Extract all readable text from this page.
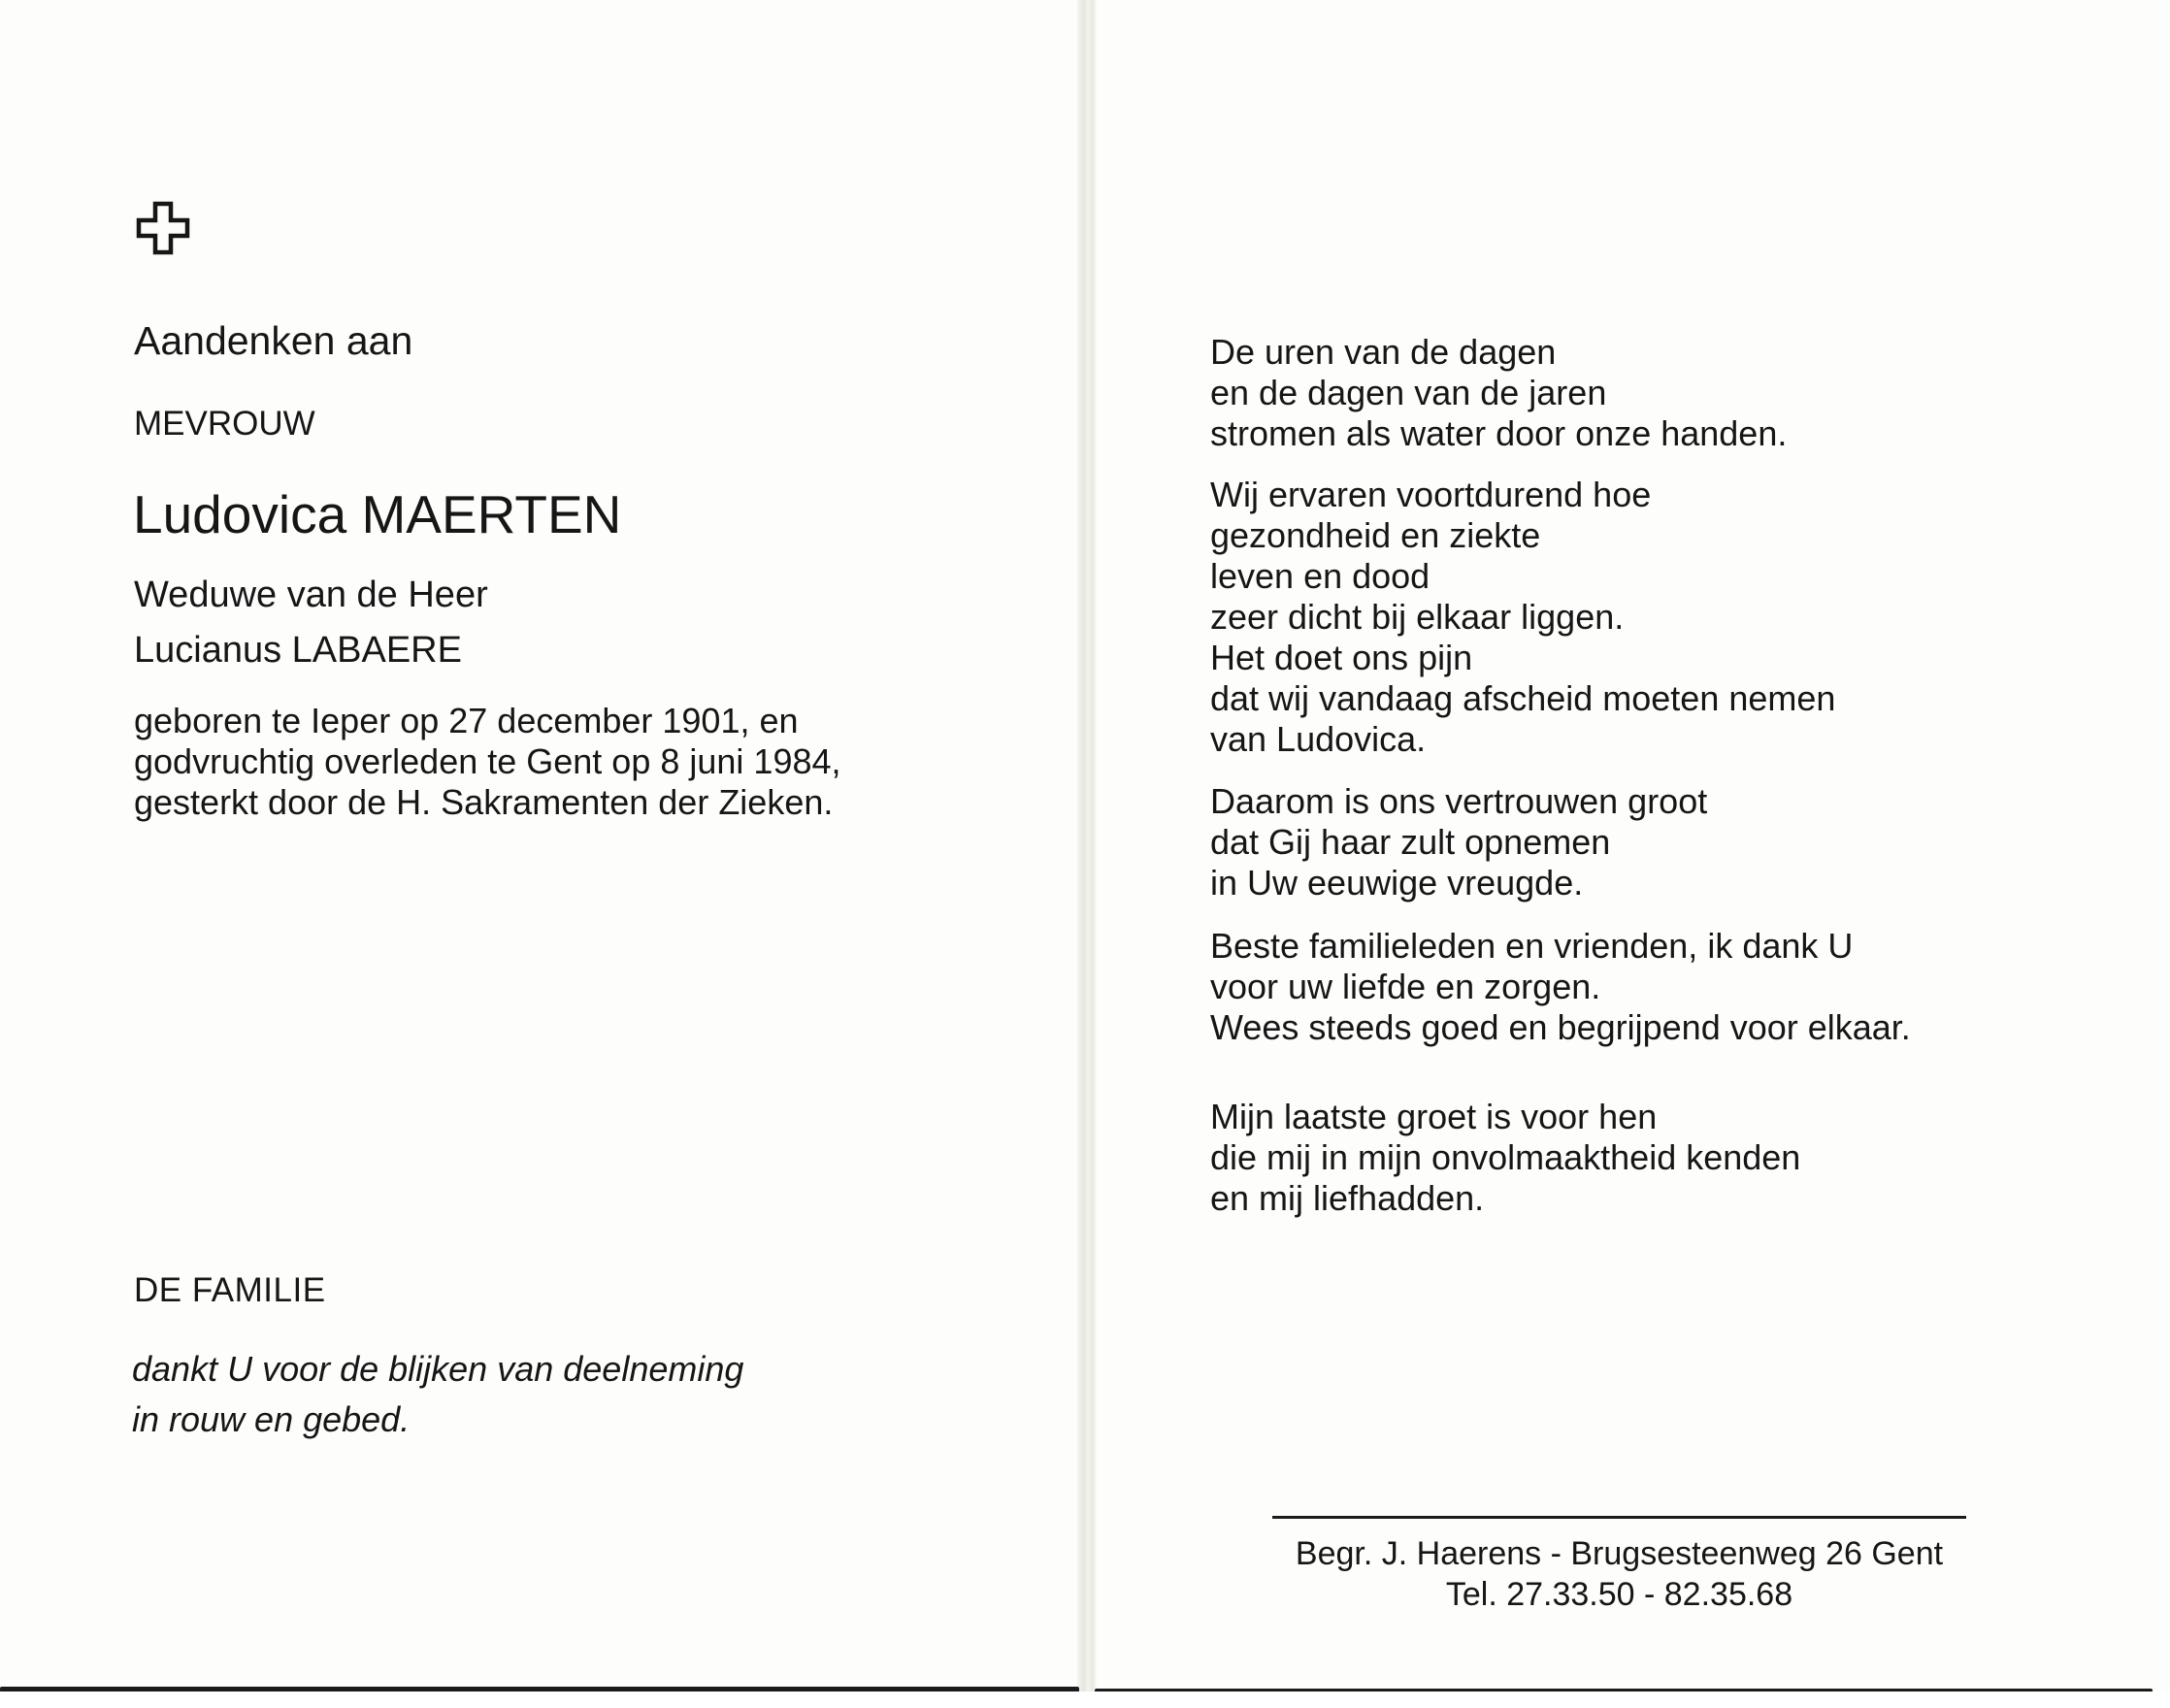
Aandenken aan

MEVROUW

Ludovica MAERTEN

Weduwe van de Heer

Lucianus LABAERE

geboren te Ieper op 27 december 1901, en
godvruchtig overleden te Gent op 8 juni 1984,
gesterkt door de H. Sakramenten der Zieken.

DE FAMILIE

dankt U voor de blijken van deelneming
in rouw en gebed.
De uren van de dagen
en de dagen van de jaren
stromen als water door onze handen.
Wij ervaren voortdurend hoe
gezondheid en ziekte
leven en dood
zeer dicht bij elkaar liggen.
Het doet ons pijn
dat wij vandaag afscheid moeten nemen
van Ludovica.
Daarom is ons vertrouwen groot
dat Gij haar zult opnemen
in Uw eeuwige vreugde.
Beste familieleden en vrienden, ik dank U
voor uw liefde en zorgen.
Wees steeds goed en begrijpend voor elkaar.
Mijn laatste groet is voor hen
die mij in mijn onvolmaaktheid kenden
en mij liefhadden.
Begr. J. Haerens - Brugsesteenweg 26 Gent
Tel. 27.33.50 - 82.35.68
